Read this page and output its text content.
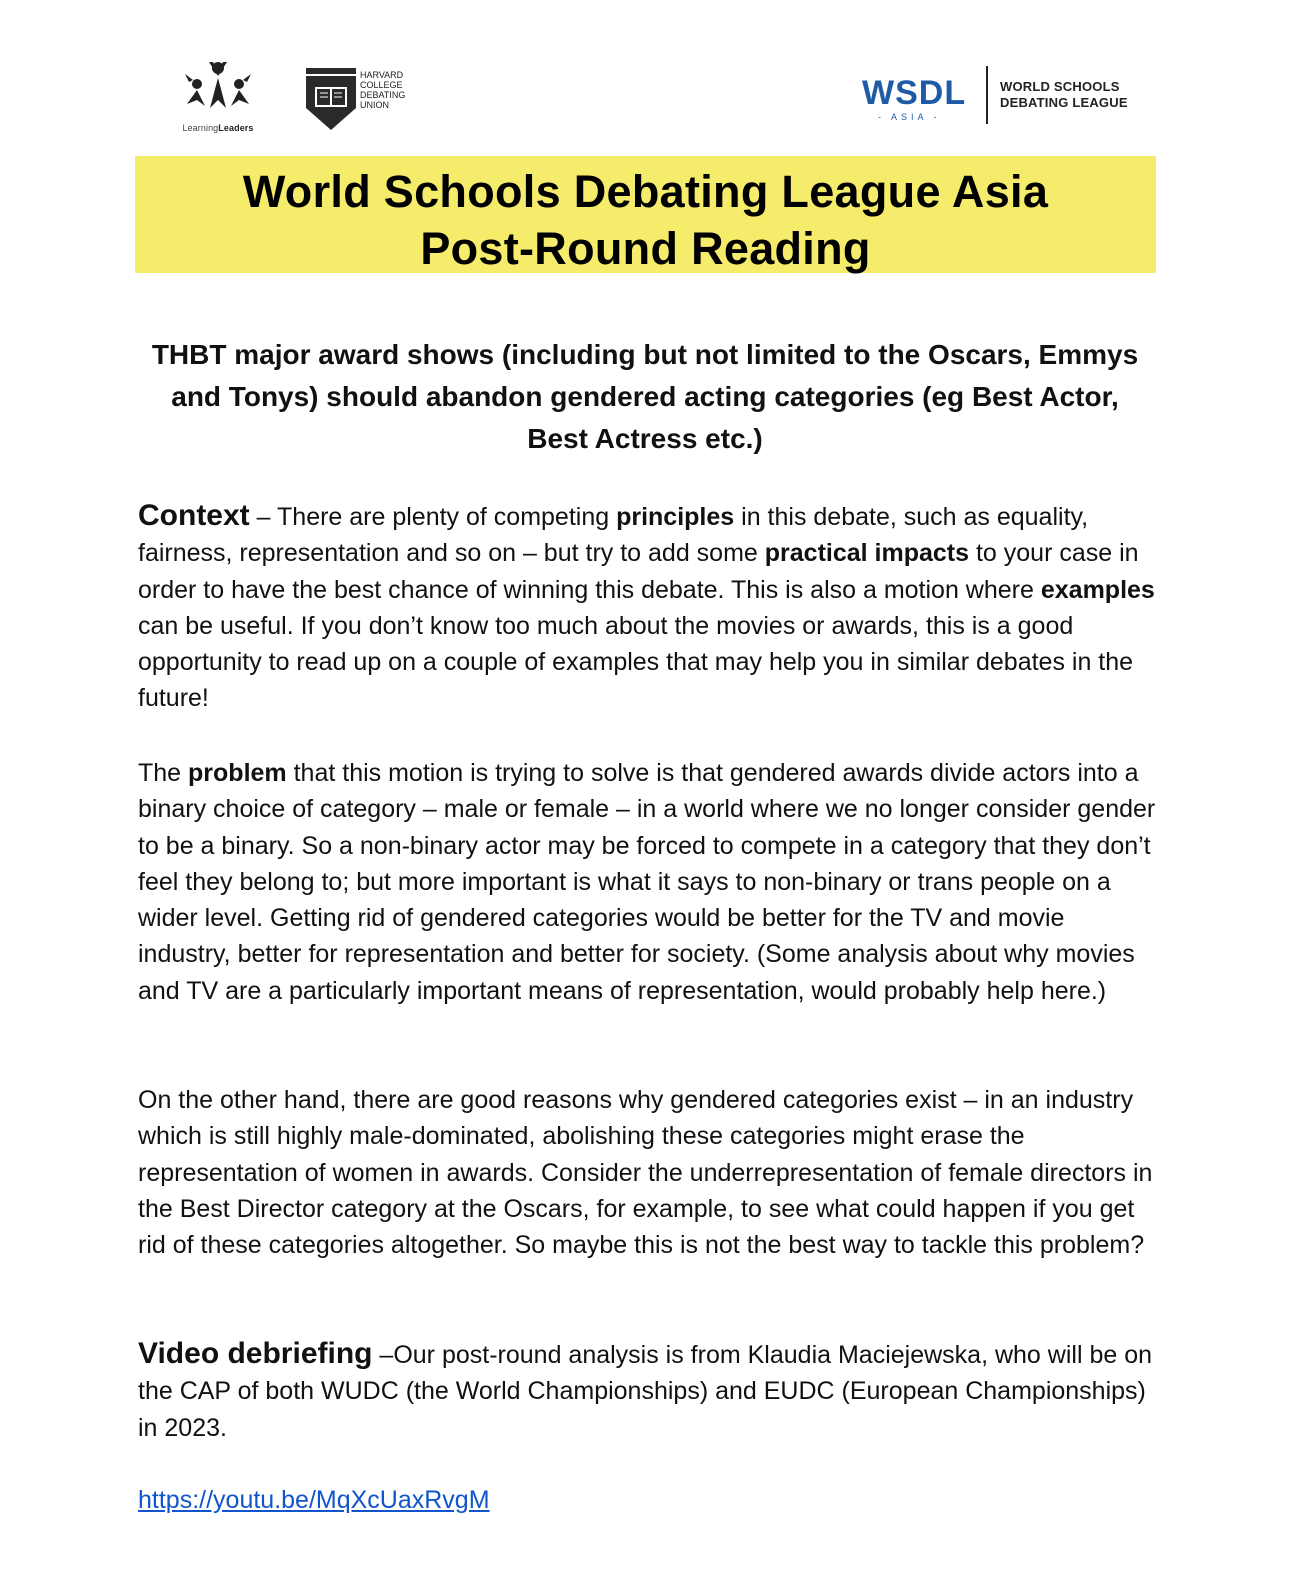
LearningLeaders
HARVARD
COLLEGE
DEBATING
UNION	WSDL
- ASIA -
WORLD SCHOOLS
DEBATING LEAGUE
World Schools Debating League Asia
Post-Round Reading
THBT major award shows (including but not limited to the Oscars, Emmys and Tonys) should abandon gendered acting categories (eg Best Actor, Best Actress etc.)
Context – There are plenty of competing principles in this debate, such as equality, fairness, representation and so on – but try to add some practical impacts to your case in order to have the best chance of winning this debate. This is also a motion where examples can be useful. If you don’t know too much about the movies or awards, this is a good opportunity to read up on a couple of examples that may help you in similar debates in the future!
The problem that this motion is trying to solve is that gendered awards divide actors into a binary choice of category – male or female – in a world where we no longer consider gender to be a binary. So a non-binary actor may be forced to compete in a category that they don’t feel they belong to; but more important is what it says to non-binary or trans people on a wider level. Getting rid of gendered categories would be better for the TV and movie industry, better for representation and better for society. (Some analysis about why movies and TV are a particularly important means of representation, would probably help here.)
On the other hand, there are good reasons why gendered categories exist – in an industry which is still highly male-dominated, abolishing these categories might erase the representation of women in awards. Consider the underrepresentation of female directors in the Best Director category at the Oscars, for example, to see what could happen if you get rid of these categories altogether. So maybe this is not the best way to tackle this problem?
Video debriefing –Our post-round analysis is from Klaudia Maciejewska, who will be on the CAP of both WUDC (the World Championships) and EUDC (European Championships) in 2023.
https://youtu.be/MqXcUaxRvgM
